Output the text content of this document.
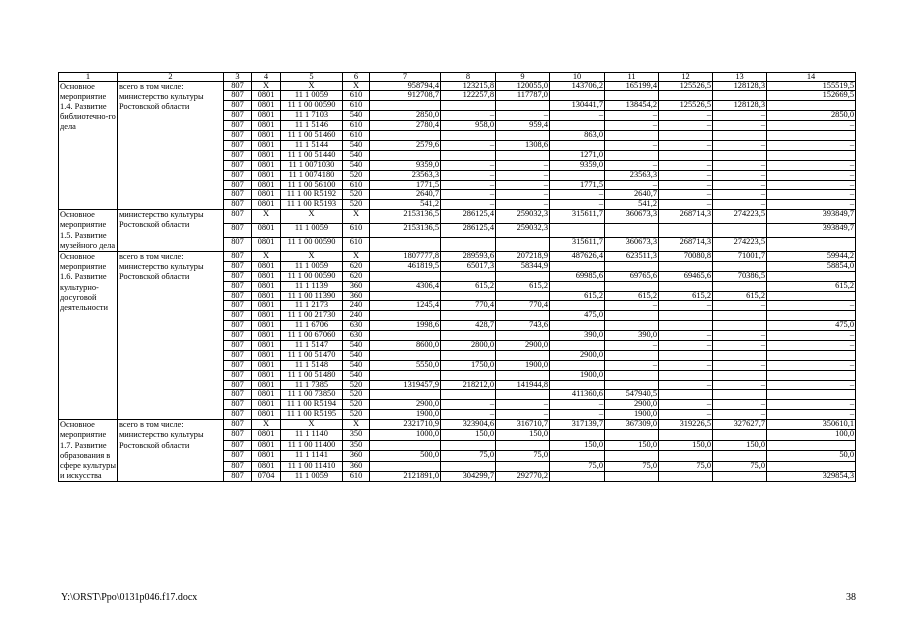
1	2	3	4	5	6	7	8	9	10	11	12	13	14
Основное мероприятие 1.4. Развитие библиотечно-го дела	всего в том числе: министерство культуры Ростовской области	807	X	X	X	958794,4	123215,8	120055,0	143706,2	165199,4	125526,5	128128,3	155519,5
		807	0801	11 1 0059	610	912708,7	122257,8	117787,0					152669,5
		807	0801	11 1 00 00590	610				130441,7	138454,2	125526,5	128128,3	
		807	0801	11 1 7103	540	2850,0	–	–	–	–	–	–	2850,0
		807	0801	11 1 5146	610	2780,4	958,0	959,4		–	–	–	–
		807	0801	11 1 00 51460	610				863,0				
		807	0801	11 1 5144	540	2579,6	–	1308,6		–	–	–	–
		807	0801	11 1 00 51440	540				1271,0				
		807	0801	11 1 0071030	540	9359,0	–	–	9359,0	–	–	–	–
		807	0801	11 1 0074180	520	23563,3	–	–		23563,3	–	–	–
		807	0801	11 1 00 56100	610	1771,5	–	–	1771,5	–	–	–	–
		807	0801	11 1 00 R5192	520	2640,7	–	–	–	2640,7	–	–	–
		807	0801	11 1 00 R5193	520	541,2	–	–	–	541,2	–	–	–
Основное мероприятие 1.5. Развитие музейного дела	министерство культуры Ростовской области	807	X	X	X	2153136,5	286125,4	259032,3	315611,7	360673,3	268714,3	274223,5	393849,7
		807	0801	11 1 0059	610	2153136,5	286125,4	259032,3					393849,7
		807	0801	11 1 00 00590	610				315611,7	360673,3	268714,3	274223,5	
Основное мероприятие 1.6. Развитие культурно-досуговой деятельности	всего в том числе: министерство культуры Ростовской области	807	X	X	X	1807777,8	289593,6	207218,9	487626,4	623511,3	70080,8	71001,7	59944,2
		807	0801	11 1 0059	620	461819,5	65017,3	58344,9					58854,0
		807	0801	11 1 00 00590	620				69985,6	69765,6	69465,6	70386,5	
		807	0801	11 1 1139	360	4306,4	615,2	615,2					615,2
		807	0801	11 1 00 11390	360				615,2	615,2	615,2	615,2	
		807	0801	11 1 2173	240	1245,4	770,4	770,4		–	–	–	–
		807	0801	11 1 00 21730	240				475,0				
		807	0801	11 1 6706	630	1998,6	428,7	743,6					475,0
		807	0801	11 1 00 67060	630				390,0	390,0	–	–	–
		807	0801	11 1 5147	540	8600,0	2800,0	2900,0		–	–	–	–
		807	0801	11 1 00 51470	540				2900,0				
		807	0801	11 1 5148	540	5550,0	1750,0	1900,0		–	–	–	–
		807	0801	11 1 00 51480	540				1900,0				
		807	0801	11 1 7385	520	1319457,9	218212,0	141944,8			–	–	–
		807	0801	11 1 00 73850	520				411360,6	547940,5			
		807	0801	11 1 00 R5194	520	2900,0	–	–	–	2900,0	–	–	–
		807	0801	11 1 00 R5195	520	1900,0	–	–	–	1900,0	–	–	–
Основное мероприятие 1.7. Развитие образования в сфере культуры и искусства	всего в том числе: министерство культуры Ростовской области	807	X	X	X	2321710,9	323904,6	316710,7	317139,7	367309,0	319226,5	327627,7	350610,1
		807	0801	11 1 1140	350	1000,0	150,0	150,0					100,0
		807	0801	11 1 00 11400	350				150,0	150,0	150,0	150,0	
		807	0801	11 1 1141	360	500,0	75,0	75,0					50,0
		807	0801	11 1 00 11410	360				75,0	75,0	75,0	75,0	
		807	0704	11 1 0059	610	2121891,0	304299,7	292770,2					329854,3
Y:\ORST\Ppo\0131p046.f17.docx	38
